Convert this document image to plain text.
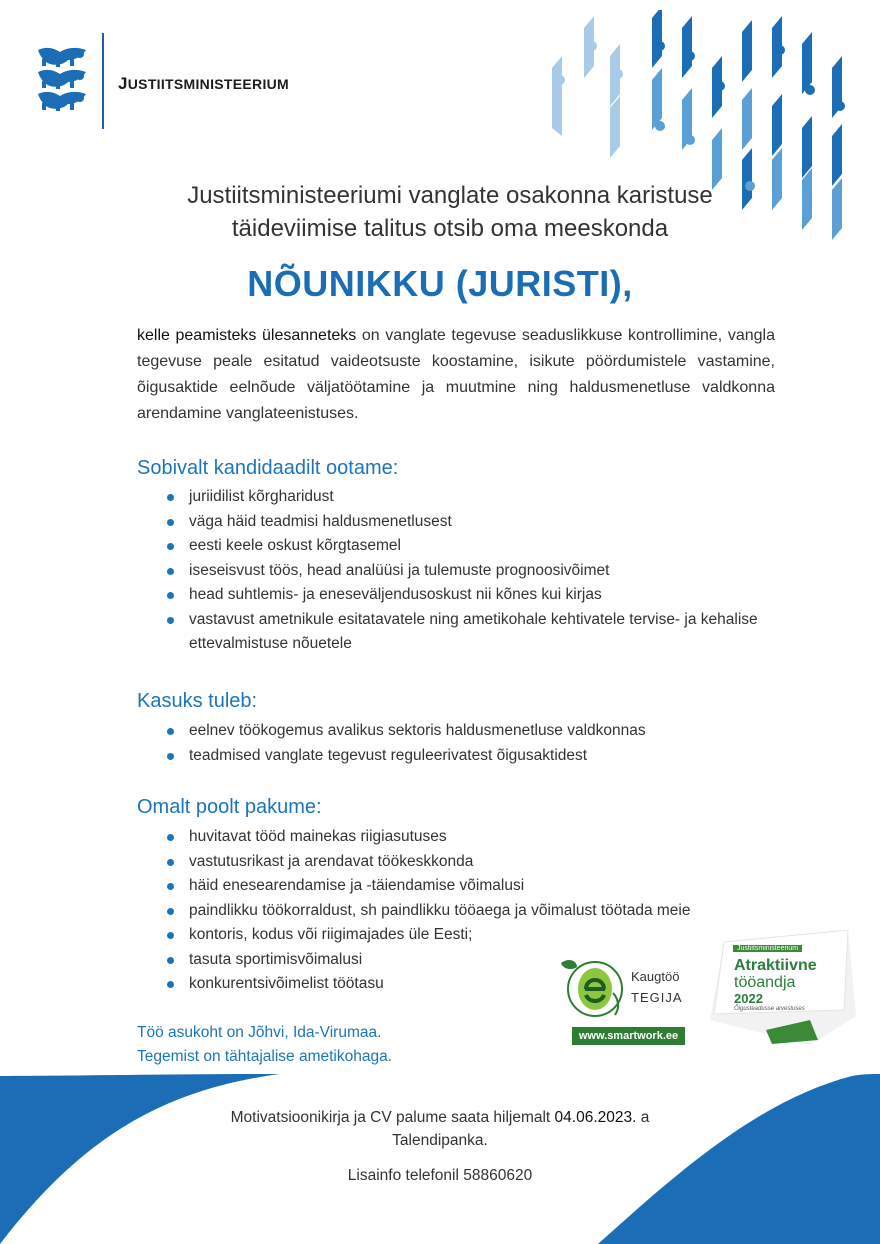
JUSTIITSMINISTEERIUM
Justiitsministeeriumi vanglate osakonna karistuse
täideviimise talitus otsib oma meeskonda
NÕUNIKKU (JURISTI),
kelle peamisteks ülesanneteks on vanglate tegevuse seaduslikkuse kontrollimine, vangla tegevuse peale esitatud vaideotsuste koostamine, isikute pöördumistele vastamine, õigusaktide eelnõude väljatöötamine ja muutmine ning haldusmenetluse valdkonna arendamine vanglateenistuses.
Sobivalt kandidaadilt ootame:
juriidilist kõrgharidust
väga häid teadmisi haldusmenetlusest
eesti keele oskust kõrgtasemel
iseseisvust töös, head analüüsi ja tulemuste prognoosivõimet
head suhtlemis- ja eneseväljendusoskust nii kõnes kui kirjas
vastavust ametnikule esitatavatele ning ametikohale kehtivatele tervise- ja kehalise ettevalmistuse nõuetele
Kasuks tuleb:
eelnev töökogemus avalikus sektoris haldusmenetluse valdkonnas
teadmised vanglate tegevust reguleerivatest õigusaktidest
Omalt poolt pakume:
huvitavat tööd mainekas riigiasutuses
vastutusrikast ja arendavat töökeskkonda
häid enesearendamise ja -täiendamise võimalusi
paindlikku töökorraldust, sh paindlikku tööaega ja võimalust töötada meie
kontoris, kodus või riigimajades üle Eesti;
tasuta sportimisvõimalusi
konkurentsivõimelist töötasu	Kaugtöö
TEGIJA
www.smartwork.ee
Justiitsministeerium
Atraktiivne
tööandja
2022
Õigusteadusse arvestuses
Töö asukoht on Jõhvi, Ida-Virumaa.
Tegemist on tähtajalise ametikohaga.
Motivatsioonikirja ja CV palume saata hiljemalt 04.06.2023. a
Talendipanka.
Lisainfo telefonil 58860620
